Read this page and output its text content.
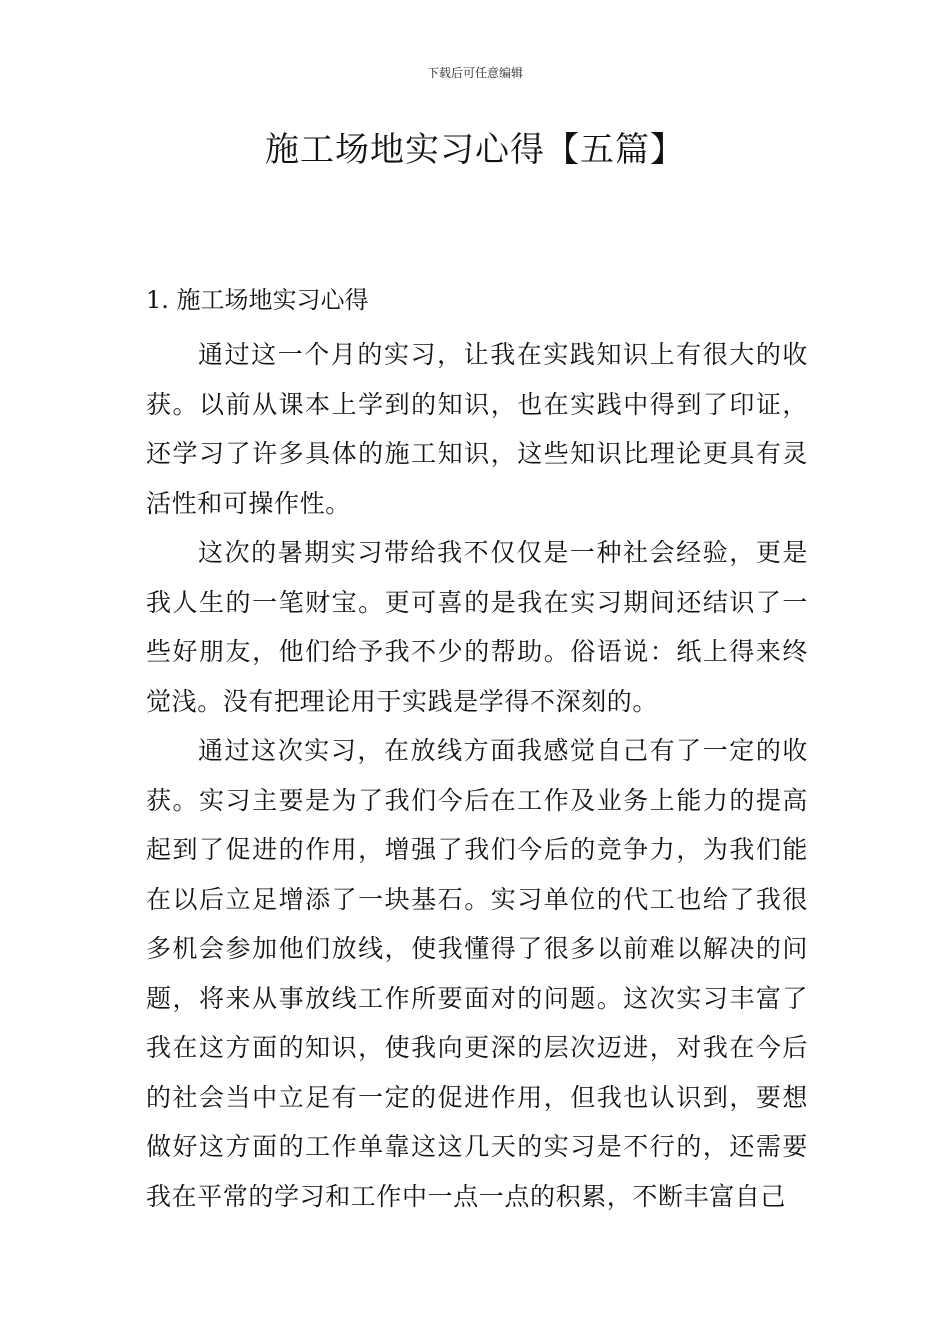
下载后可任意编辑
施工场地实习心得【五篇】
1. 施工场地实习心得

通过这一个月的实习，让我在实践知识上有很大的收获。以前从课本上学到的知识，也在实践中得到了印证，还学习了许多具体的施工知识，这些知识比理论更具有灵活性和可操作性。

这次的暑期实习带给我不仅仅是一种社会经验，更是我人生的一笔财宝。更可喜的是我在实习期间还结识了一些好朋友，他们给予我不少的帮助。俗语说：纸上得来终觉浅。没有把理论用于实践是学得不深刻的。

通过这次实习，在放线方面我感觉自己有了一定的收获。实习主要是为了我们今后在工作及业务上能力的提高起到了促进的作用，增强了我们今后的竞争力，为我们能在以后立足增添了一块基石。实习单位的代工也给了我很多机会参加他们放线，使我懂得了很多以前难以解决的问题，将来从事放线工作所要面对的问题。这次实习丰富了我在这方面的知识，使我向更深的层次迈进，对我在今后的社会当中立足有一定的促进作用，但我也认识到，要想做好这方面的工作单靠这这几天的实习是不行的，还需要我在平常的学习和工作中一点一点的积累，不断丰富自己
